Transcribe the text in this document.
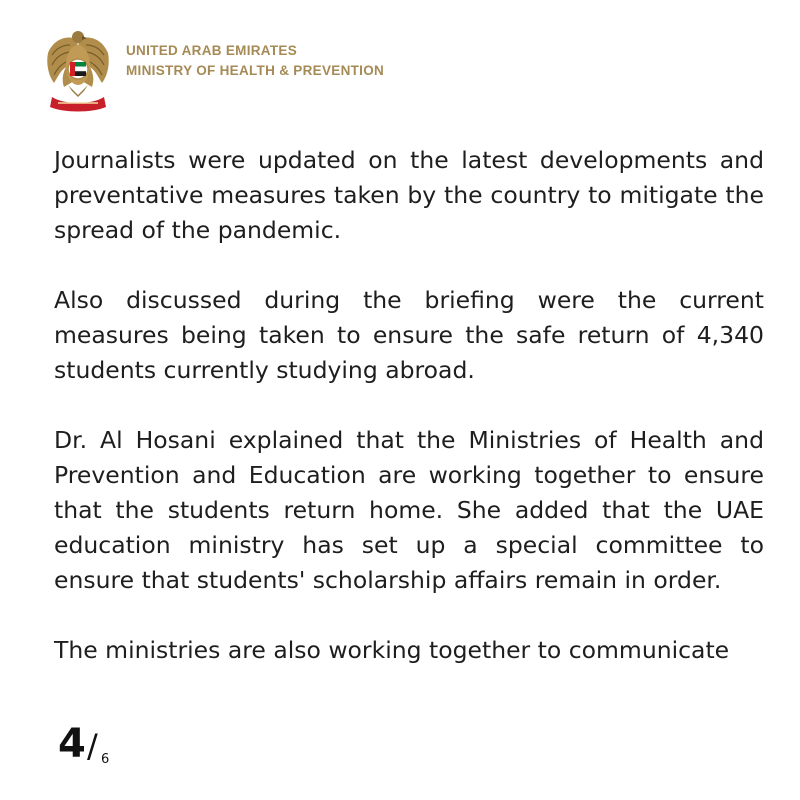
UNITED ARAB EMIRATES
MINISTRY OF HEALTH & PREVENTION

Journalists were updated on the latest developments and preventative measures taken by the country to mitigate the spread of the pandemic.

Also discussed during the briefing were the current measures being taken to ensure the safe return of 4,340 students currently studying abroad.

Dr. Al Hosani explained that the Ministries of Health and Prevention and Education are working together to ensure that the students return home. She added that the UAE education ministry has set up a special committee to ensure that students' scholarship affairs remain in order.

The ministries are also working together to communicate

4 / 6
